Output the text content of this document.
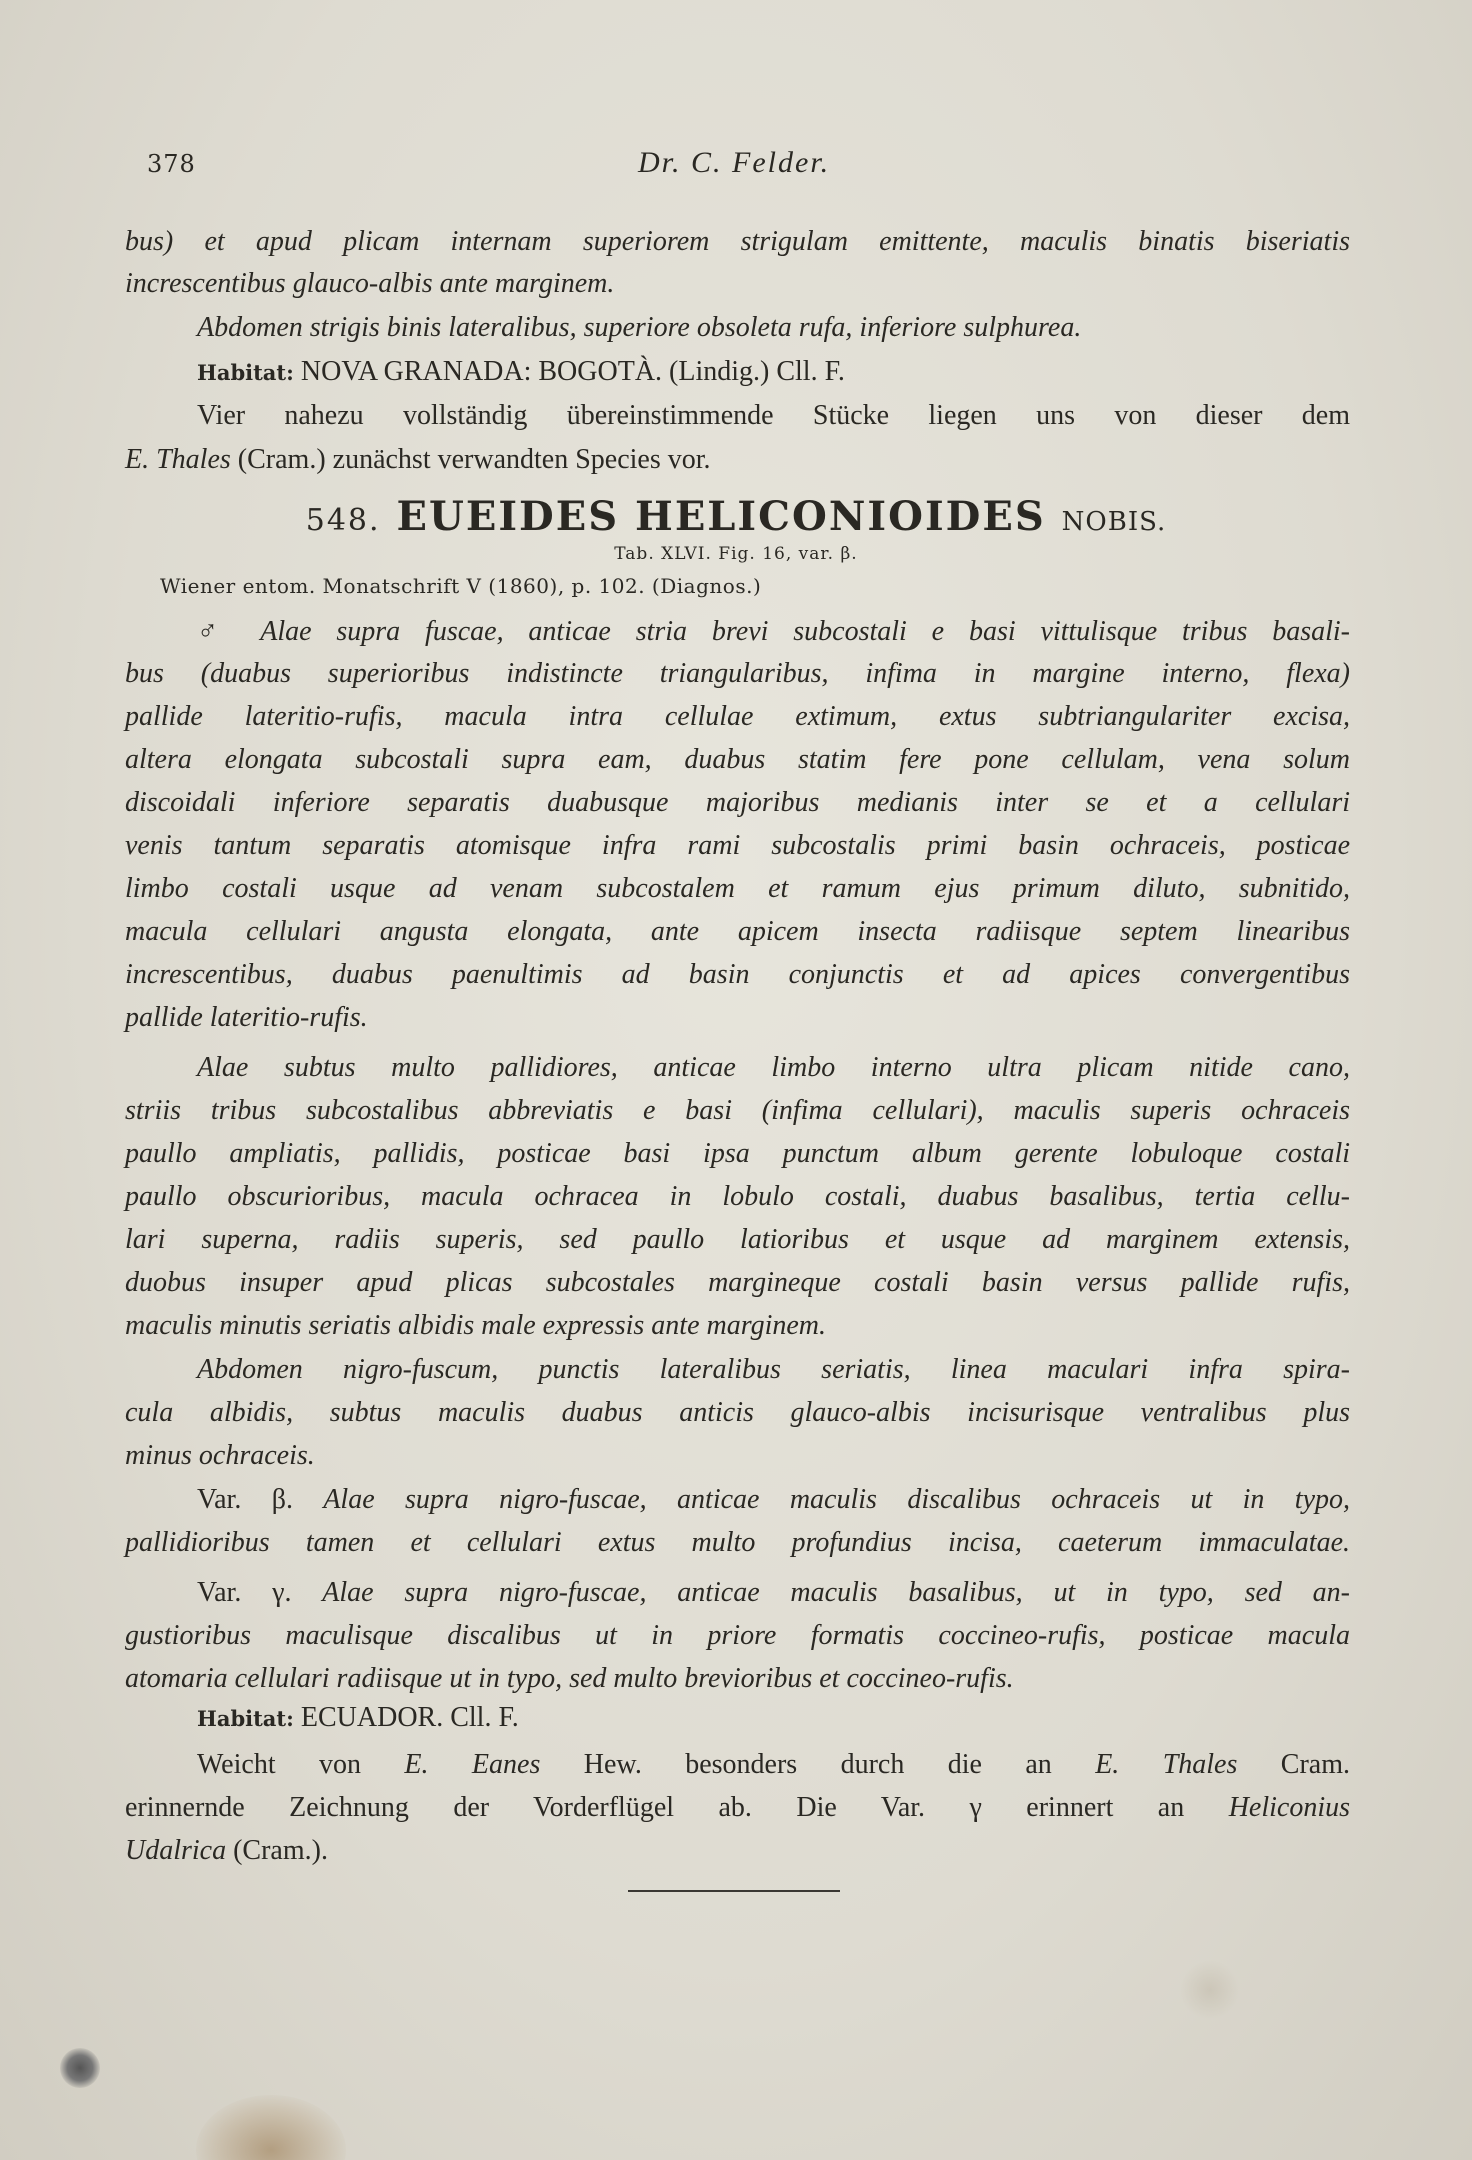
378	Dr. C. Felder.
bus) et apud plicam internam superiorem strigulam emittente, maculis binatis biseriatis
increscentibus glauco-albis ante marginem.
Abdomen strigis binis lateralibus, superiore obsoleta rufa, inferiore sulphurea.
Habitat: NOVA GRANADA: BOGOTÀ. (Lindig.) Cll. F.
Vier nahezu vollständig übereinstimmende Stücke liegen uns von dieser dem
E. Thales (Cram.) zunächst verwandten Species vor.
548. EUEIDES HELICONIOIDES NOBIS.
Tab. XLVI. Fig. 16, var. β.
Wiener entom. Monatschrift V (1860), p. 102. (Diagnos.)
♂ Alae supra fuscae, anticae stria brevi subcostali e basi vittulisque tribus basali-
bus (duabus superioribus indistincte triangularibus, infima in margine interno, flexa)
pallide lateritio-rufis, macula intra cellulae extimum, extus subtriangulariter excisa,
altera elongata subcostali supra eam, duabus statim fere pone cellulam, vena solum
discoidali inferiore separatis duabusque majoribus medianis inter se et a cellulari
venis tantum separatis atomisque infra rami subcostalis primi basin ochraceis, posticae
limbo costali usque ad venam subcostalem et ramum ejus primum diluto, subnitido,
macula cellulari angusta elongata, ante apicem insecta radiisque septem linearibus
increscentibus, duabus paenultimis ad basin conjunctis et ad apices convergentibus
pallide lateritio-rufis.
Alae subtus multo pallidiores, anticae limbo interno ultra plicam nitide cano,
striis tribus subcostalibus abbreviatis e basi (infima cellulari), maculis superis ochraceis
paullo ampliatis, pallidis, posticae basi ipsa punctum album gerente lobuloque costali
paullo obscurioribus, macula ochracea in lobulo costali, duabus basalibus, tertia cellu-
lari superna, radiis superis, sed paullo latioribus et usque ad marginem extensis,
duobus insuper apud plicas subcostales margineque costali basin versus pallide rufis,
maculis minutis seriatis albidis male expressis ante marginem.
Abdomen nigro-fuscum, punctis lateralibus seriatis, linea maculari infra spira-
cula albidis, subtus maculis duabus anticis glauco-albis incisurisque ventralibus plus
minus ochraceis.
Var. β. Alae supra nigro-fuscae, anticae maculis discalibus ochraceis ut in typo,
pallidioribus tamen et cellulari extus multo profundius incisa, caeterum immaculatae.
Var. γ. Alae supra nigro-fuscae, anticae maculis basalibus, ut in typo, sed an-
gustioribus maculisque discalibus ut in priore formatis coccineo-rufis, posticae macula
atomaria cellulari radiisque ut in typo, sed multo brevioribus et coccineo-rufis.
Habitat: ECUADOR. Cll. F.
Weicht von E. Eanes Hew. besonders durch die an E. Thales Cram.
erinnernde Zeichnung der Vorderflügel ab. Die Var. γ erinnert an Heliconius
Udalrica (Cram.).
